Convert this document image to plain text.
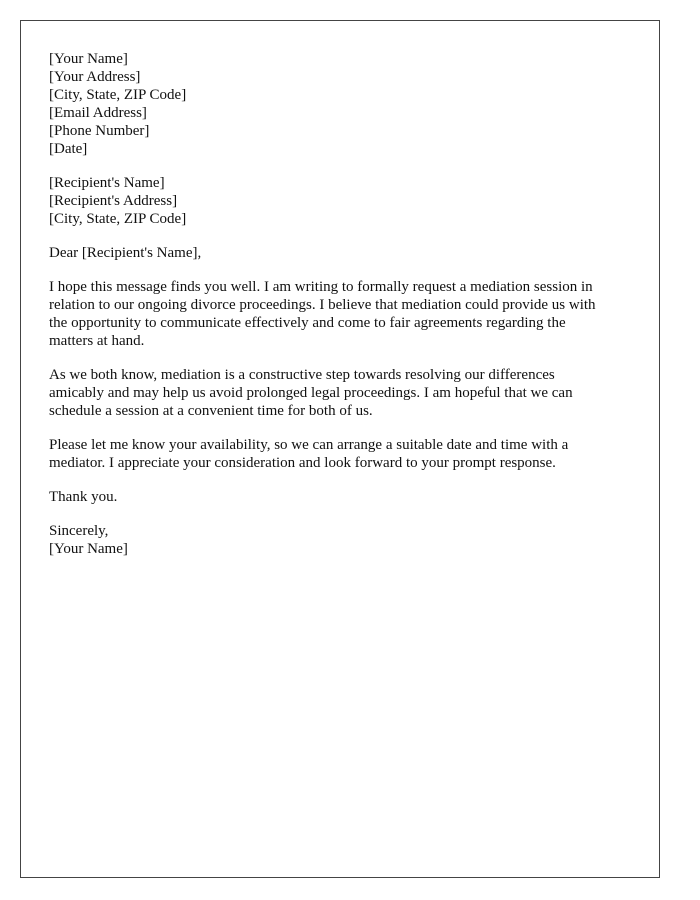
[Your Name]
[Your Address]
[City, State, ZIP Code]
[Email Address]
[Phone Number]
[Date]
[Recipient's Name]
[Recipient's Address]
[City, State, ZIP Code]
Dear [Recipient's Name],
I hope this message finds you well. I am writing to formally request a mediation session in
relation to our ongoing divorce proceedings. I believe that mediation could provide us with
the opportunity to communicate effectively and come to fair agreements regarding the
matters at hand.
As we both know, mediation is a constructive step towards resolving our differences
amicably and may help us avoid prolonged legal proceedings. I am hopeful that we can
schedule a session at a convenient time for both of us.
Please let me know your availability, so we can arrange a suitable date and time with a
mediator. I appreciate your consideration and look forward to your prompt response.
Thank you.
Sincerely,
[Your Name]
